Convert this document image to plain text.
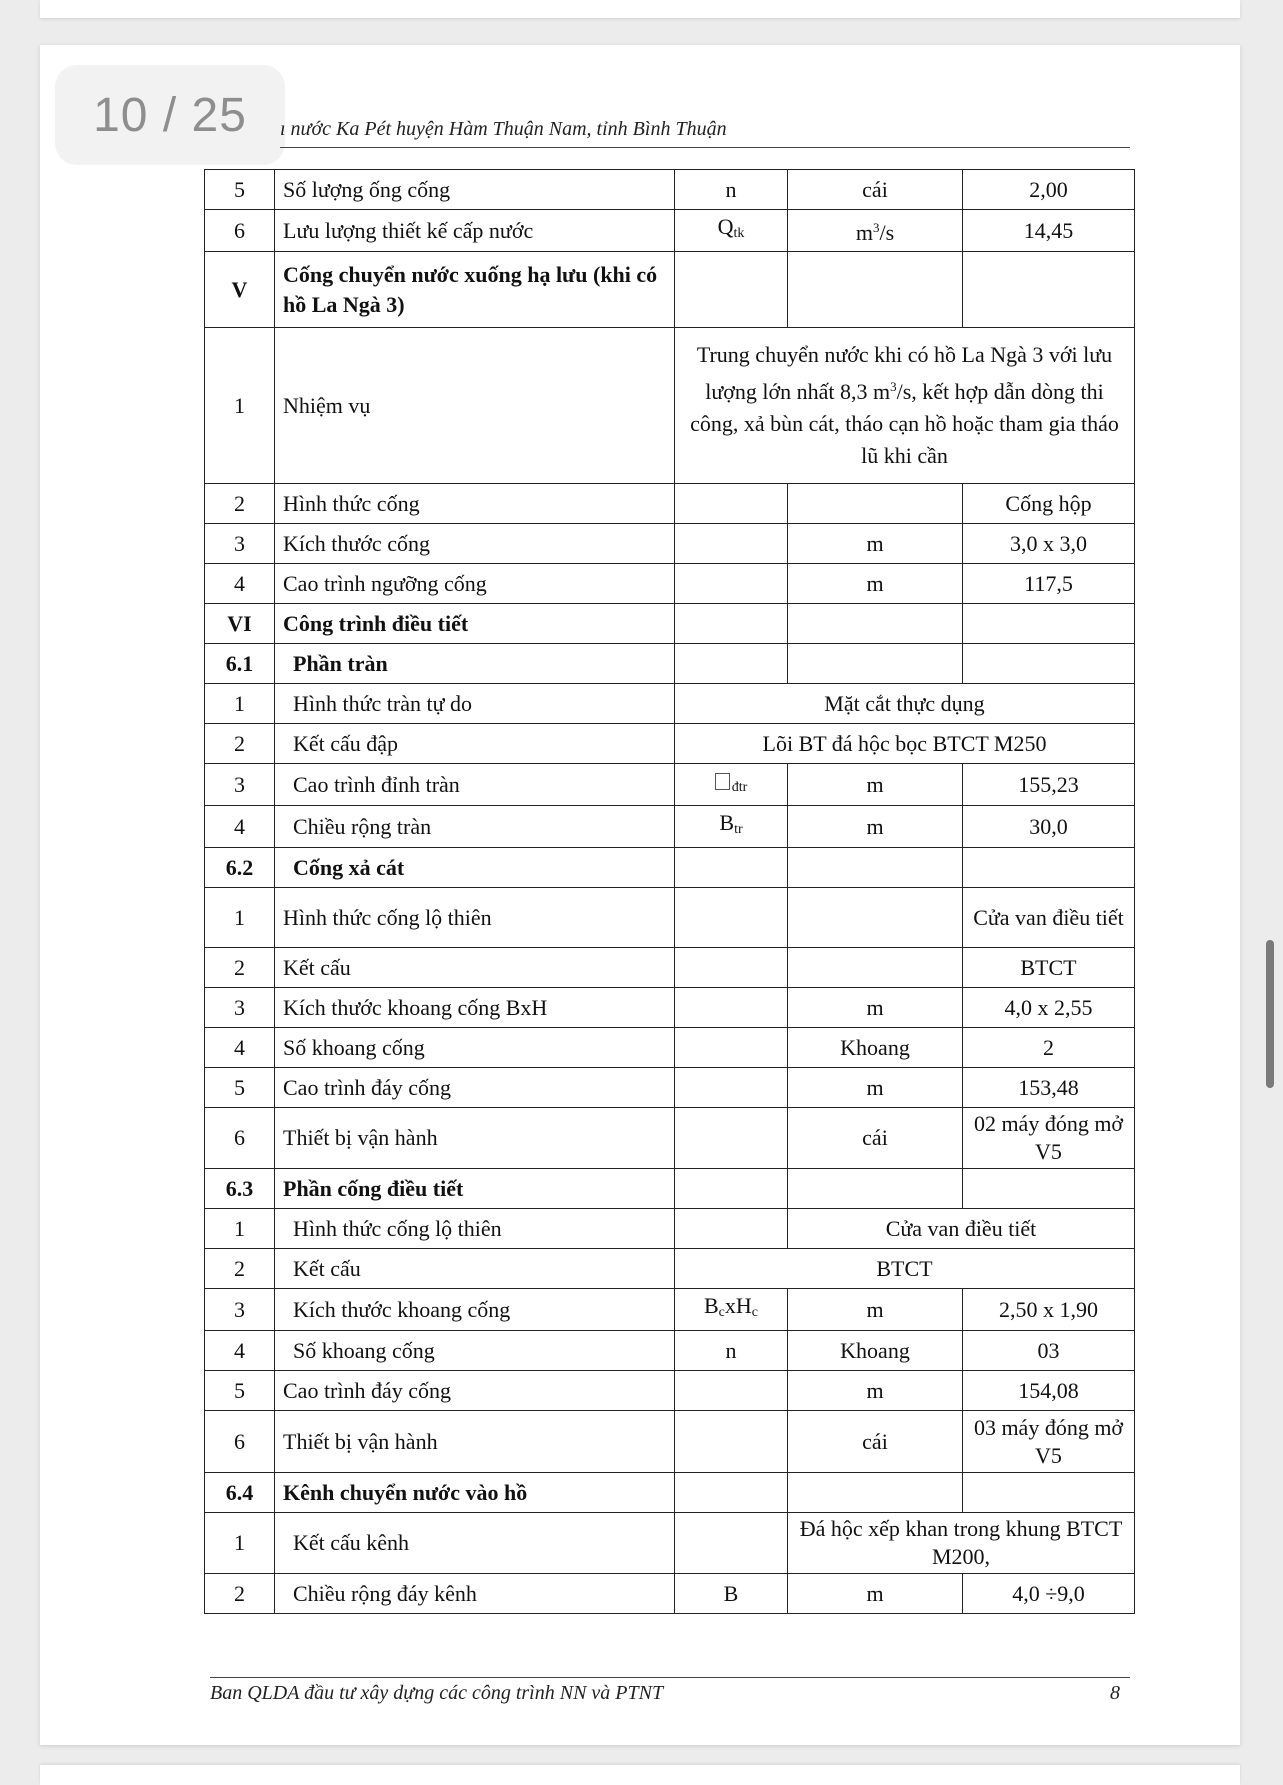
10 / 25 ı nước Ka Pét huyện Hàm Thuận Nam, tỉnh Bình Thuận
5	Số lượng ống cống	n	cái	2,00
6	Lưu lượng thiết kế cấp nước	$Q_{tk}$	$m^3/s$	14,45
V	Cống chuyển nước xuống hạ lưu (khi có hồ La Ngà 3)			
1	Nhiệm vụ	Trung chuyển nước khi có hồ La Ngà 3 với lưu lượng lớn nhất 8,3 $m^3/s$, kết hợp dẫn dòng thi công, xả bùn cát, tháo cạn hồ hoặc tham gia tháo lũ khi cần		
2	Hình thức cống			Cống hộp
3	Kích thước cống		m	3,0 x 3,0
4	Cao trình ngưỡng cống		m	117,5
VI	Công trình điều tiết			
6.1	Phần tràn			
1	Hình thức tràn tự do	Mặt cắt thực dụng		
2	Kết cấu đập	Lõi BT đá hộc bọc BTCT M250		
3	Cao trình đỉnh tràn	$_{đtr}$	m	155,23
4	Chiều rộng tràn	$B_{tr}$	m	30,0
6.2	Cống xả cát			
1	Hình thức cống lộ thiên			Cửa van điều tiết
2	Kết cấu			BTCT
3	Kích thước khoang cống BxH		m	4,0 x 2,55
4	Số khoang cống		Khoang	2
5	Cao trình đáy cống		m	153,48
6	Thiết bị vận hành		cái	02 máy đóng mở V5
6.3	Phần cống điều tiết			
1	Hình thức cống lộ thiên		Cửa van điều tiết	
2	Kết cấu	BTCT		
3	Kích thước khoang cống	$B_cxH_c$	m	2,50 x 1,90
4	Số khoang cống	n	Khoang	03
5	Cao trình đáy cống		m	154,08
6	Thiết bị vận hành		cái	03 máy đóng mở V5
6.4	Kênh chuyển nước vào hồ			
1	Kết cấu kênh		Đá hộc xếp khan trong khung BTCT M200,	
2	Chiều rộng đáy kênh	B	m	4,0 ÷9,0
Ban QLDA đầu tư xây dựng các công trình NN và PTNT	8
